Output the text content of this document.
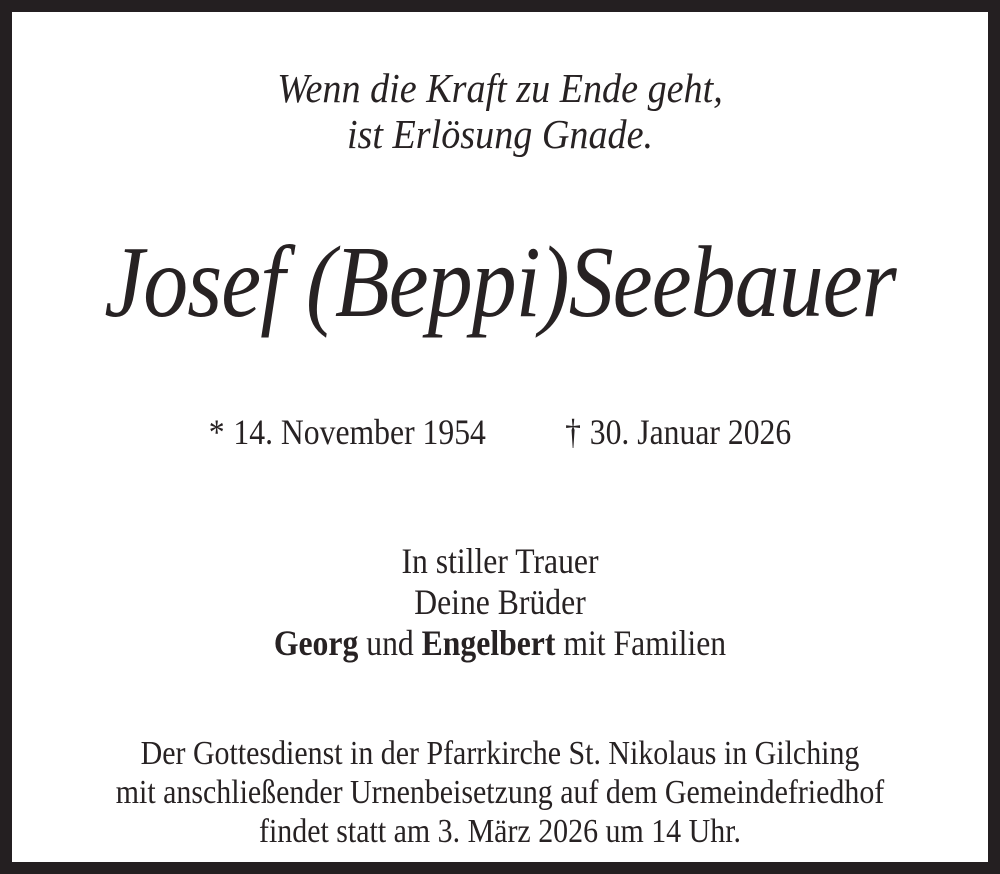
Wenn die Kraft zu Ende geht,
ist Erlösung Gnade.
Josef (Beppi)Seebauer
* 14. November 1954 † 30. Januar 2026
In stiller Trauer
Deine Brüder
Georg und Engelbert mit Familien
Der Gottesdienst in der Pfarrkirche St. Nikolaus in Gilching
mit anschließender Urnenbeisetzung auf dem Gemeindefriedhof
findet statt am 3. März 2026 um 14 Uhr.
